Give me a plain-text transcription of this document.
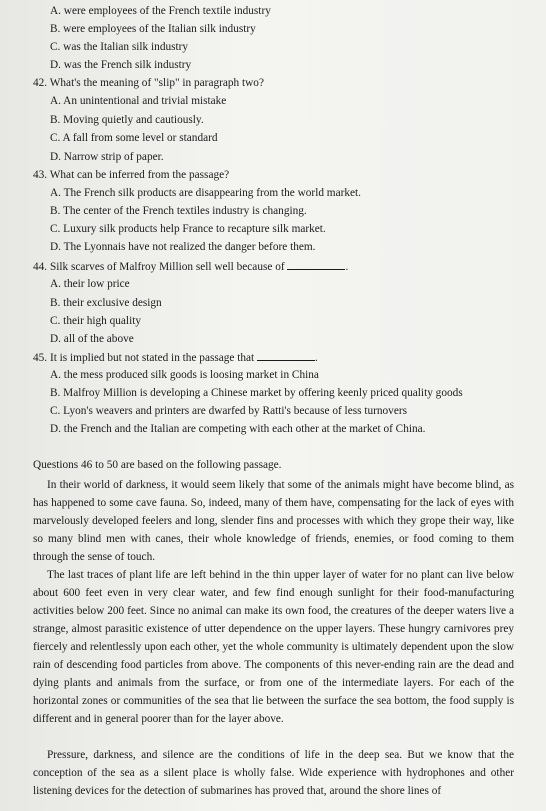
A. were employees of the French textile industry
B. were employees of the Italian silk industry
C. was the Italian silk industry
D. was the French silk industry
42. What's the meaning of "slip" in paragraph two?
A. An unintentional and trivial mistake
B. Moving quietly and cautiously.
C. A fall from some level or standard
D. Narrow strip of paper.
43. What can be inferred from the passage?
A. The French silk products are disappearing from the world market.
B. The center of the French textiles industry is changing.
C. Luxury silk products help France to recapture silk market.
D. The Lyonnais have not realized the danger before them.
44. Silk scarves of Malfroy Million sell well because of	.
A. their low price
B. their exclusive design
C. their high quality
D. all of the above
45. It is implied but not stated in the passage that	.
A. the mess produced silk goods is loosing market in China
B. Malfroy Million is developing a Chinese market by offering keenly priced quality goods
C. Lyon's weavers and printers are dwarfed by Ratti's because of less turnovers
D. the French and the Italian are competing with each other at the market of China.
Questions 46 to 50 are based on the following passage.
In their world of darkness, it would seem likely that some of the animals might have become blind, as has happened to some cave fauna. So, indeed, many of them have, compensating for the lack of eyes with marvelously developed feelers and long, slender fins and processes with which they grope their way, like so many blind men with canes, their whole knowledge of friends, enemies, or food coming to them through the sense of touch.
The last traces of plant life are left behind in the thin upper layer of water for no plant can live below about 600 feet even in very clear water, and few find enough sunlight for their food-manufacturing activities below 200 feet. Since no animal can make its own food, the creatures of the deeper waters live a strange, almost parasitic existence of utter dependence on the upper layers. These hungry carnivores prey fiercely and relentlessly upon each other, yet the whole community is ultimately dependent upon the slow rain of descending food particles from above. The components of this never-ending rain are the dead and dying plants and animals from the surface, or from one of the intermediate layers. For each of the horizontal zones or communities of the sea that lie between the surface the sea bottom, the food supply is different and in general poorer than for the layer above.
Pressure, darkness, and silence are the conditions of life in the deep sea. But we know that the conception of the sea as a silent place is wholly false. Wide experience with hydrophones and other listening devices for the detection of submarines has proved that, around the shore lines of
